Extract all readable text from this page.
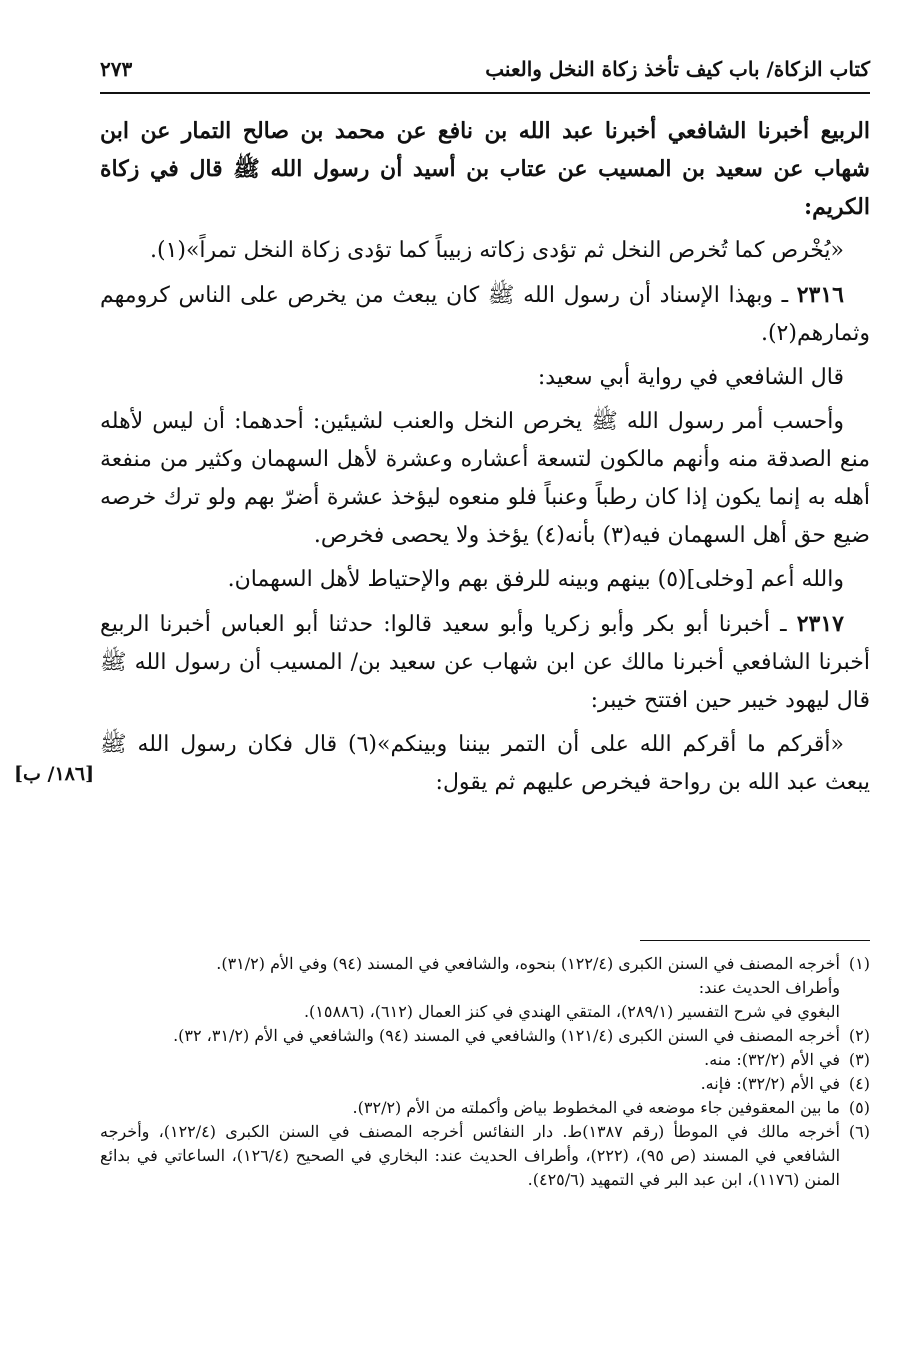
كتاب الزكاة/ باب كيف تأخذ زكاة النخل والعنب
٢٧٣

الربيع أخبرنا الشافعي أخبرنا عبد الله بن نافع عن محمد بن صالح التمار عن ابن شهاب عن سعيد بن المسيب عن عتاب بن أسيد أن رسول الله ﷺ قال في زكاة الكريم:

«يُخْرص كما تُخرص النخل ثم تؤدى زكاته زبيباً كما تؤدى زكاة النخل تمراً»(١).

٢٣١٦ ـ وبهذا الإسناد أن رسول الله ﷺ كان يبعث من يخرص على الناس كرومهم وثمارهم(٢).

قال الشافعي في رواية أبي سعيد:

وأحسب أمر رسول الله ﷺ يخرص النخل والعنب لشيئين: أحدهما: أن ليس لأهله منع الصدقة منه وأنهم مالكون لتسعة أعشاره وعشرة لأهل السهمان وكثير من منفعة أهله به إنما يكون إذا كان رطباً وعنباً فلو منعوه ليؤخذ عشرة أضرّ بهم ولو ترك خرصه ضيع حق أهل السهمان فيه(٣) بأنه(٤) يؤخذ ولا يحصى فخرص.

والله أعم [وخلى](٥) بينهم وبينه للرفق بهم والإحتياط لأهل السهمان.

٢٣١٧ ـ أخبرنا أبو بكر وأبو زكريا وأبو سعيد قالوا: حدثنا أبو العباس أخبرنا الربيع أخبرنا الشافعي أخبرنا مالك عن ابن شهاب عن سعيد بن/ المسيب أن رسول الله ﷺ قال ليهود خيبر حين افتتح خيبر:

«أقركم ما أقركم الله على أن التمر بيننا وبينكم»(٦) قال فكان رسول الله ﷺ يبعث عبد الله بن رواحة فيخرص عليهم ثم يقول:

[١٨٦/ ب]

(١)
أخرجه المصنف في السنن الكبرى (١٢٢/٤) بنحوه، والشافعي في المسند (٩٤) وفي الأم (٣١/٢).

وأطراف الحديث عند:

البغوي في شرح التفسير (٢٨٩/١)، المتقي الهندي في كنز العمال (٦١٢)، (١٥٨٨٦).

(٢)
أخرجه المصنف في السنن الكبرى (١٢١/٤) والشافعي في المسند (٩٤) والشافعي في الأم (٣١/٢، ٣٢).

(٣)
في الأم (٣٢/٢): منه.

(٤)
في الأم (٣٢/٢): فإنه.

(٥)
ما بين المعقوفين جاء موضعه في المخطوط بياض وأكملته من الأم (٣٢/٢).

(٦)
أخرجه مالك في الموطأ (رقم ١٣٨٧)ط. دار النفائس أخرجه المصنف في السنن الكبرى (١٢٢/٤)، وأخرجه الشافعي في المسند (ص ٩٥)، (٢٢٢)، وأطراف الحديث عند: البخاري في الصحيح (١٢٦/٤)، الساعاتي في بدائع المنن (١١٧٦)، ابن عبد البر في التمهيد (٤٢٥/٦).
